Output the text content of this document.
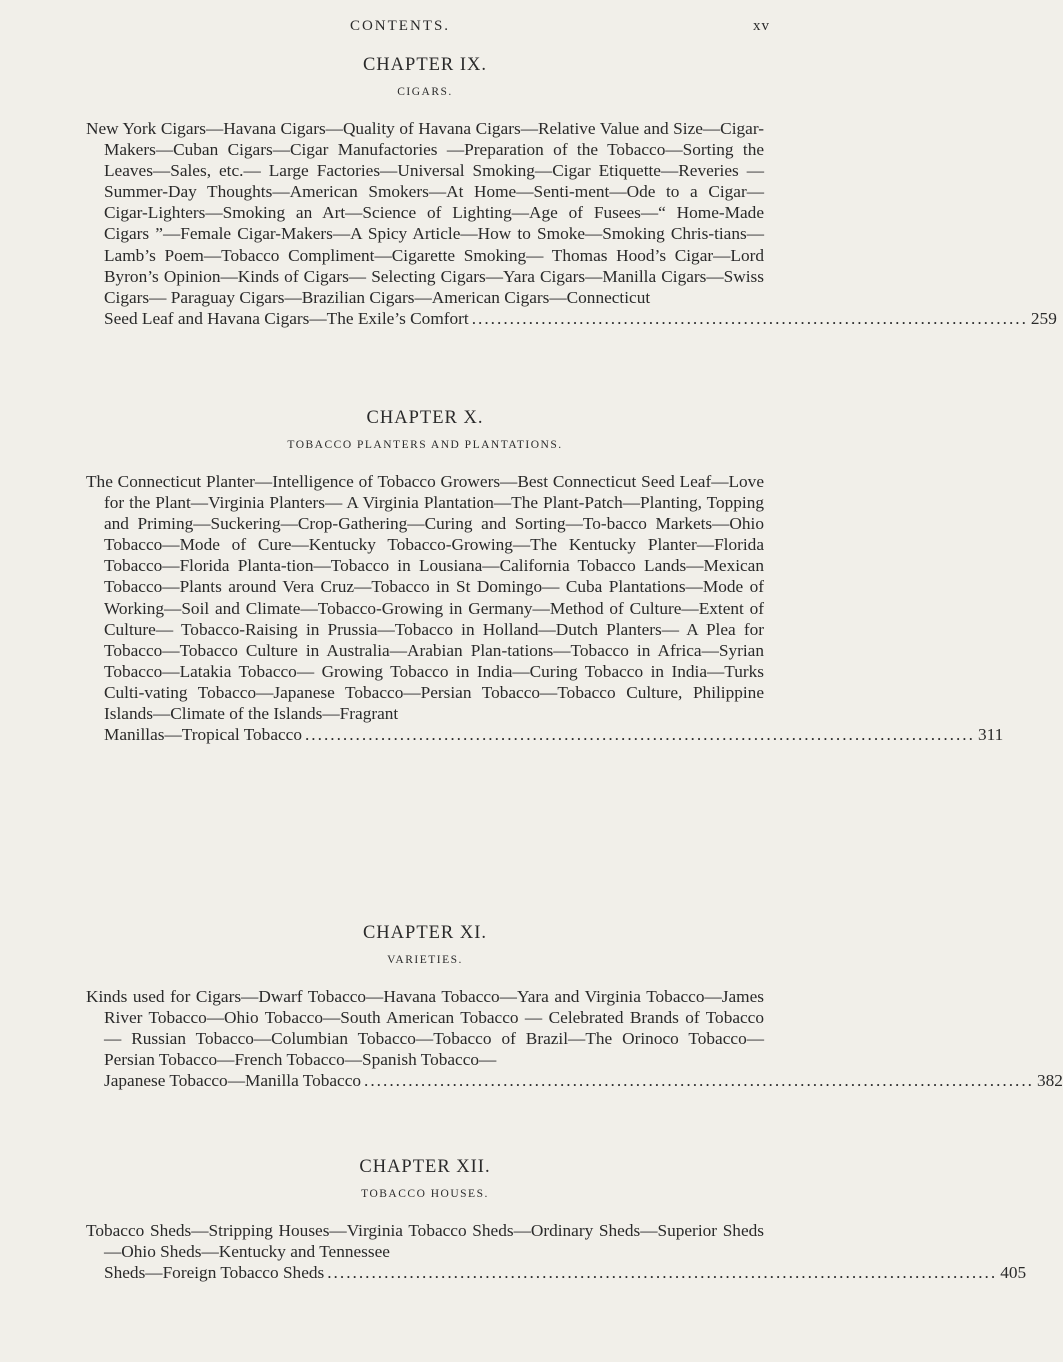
CONTENTS.	xv
CHAPTER IX.
CIGARS.
New York Cigars—Havana Cigars—Quality of Havana Cigars—Relative Value and Size—Cigar-Makers—Cuban Cigars—Cigar Manufactories —Preparation of the Tobacco—Sorting the Leaves—Sales, etc.— Large Factories—Universal Smoking—Cigar Etiquette—Reveries —Summer-Day Thoughts—American Smokers—At Home—Senti-ment—Ode to a Cigar—Cigar-Lighters—Smoking an Art—Science of Lighting—Age of Fusees—“ Home-Made Cigars ”—Female Cigar-Makers—A Spicy Article—How to Smoke—Smoking Chris-tians—Lamb’s Poem—Tobacco Compliment—Cigarette Smoking— Thomas Hood’s Cigar—Lord Byron’s Opinion—Kinds of Cigars— Selecting Cigars—Yara Cigars—Manilla Cigars—Swiss Cigars— Paraguay Cigars—Brazilian Cigars—American Cigars—Connecticut
Seed Leaf and Havana Cigars—The Exile’s Comfort ........................................................................................ 259
CHAPTER X.
TOBACCO PLANTERS AND PLANTATIONS.
The Connecticut Planter—Intelligence of Tobacco Growers—Best Connecticut Seed Leaf—Love for the Plant—Virginia Planters— A Virginia Plantation—The Plant-Patch—Planting, Topping and Priming—Suckering—Crop-Gathering—Curing and Sorting—To-bacco Markets—Ohio Tobacco—Mode of Cure—Kentucky Tobacco-Growing—The Kentucky Planter—Florida Tobacco—Florida Planta-tion—Tobacco in Lousiana—California Tobacco Lands—Mexican Tobacco—Plants around Vera Cruz—Tobacco in St Domingo— Cuba Plantations—Mode of Working—Soil and Climate—Tobacco-Growing in Germany—Method of Culture—Extent of Culture— Tobacco-Raising in Prussia—Tobacco in Holland—Dutch Planters— A Plea for Tobacco—Tobacco Culture in Australia—Arabian Plan-tations—Tobacco in Africa—Syrian Tobacco—Latakia Tobacco— Growing Tobacco in India—Curing Tobacco in India—Turks Culti-vating Tobacco—Japanese Tobacco—Persian Tobacco—Tobacco Culture, Philippine Islands—Climate of the Islands—Fragrant
Manillas—Tropical Tobacco .......................................................................................................... 311
CHAPTER XI.
VARIETIES.
Kinds used for Cigars—Dwarf Tobacco—Havana Tobacco—Yara and Virginia Tobacco—James River Tobacco—Ohio Tobacco—South American Tobacco — Celebrated Brands of Tobacco — Russian Tobacco—Columbian Tobacco—Tobacco of Brazil—The Orinoco Tobacco—Persian Tobacco—French Tobacco—Spanish Tobacco—
Japanese Tobacco—Manilla Tobacco .......................................................................................................... 382
CHAPTER XII.
TOBACCO HOUSES.
Tobacco Sheds—Stripping Houses—Virginia Tobacco Sheds—Ordinary Sheds—Superior Sheds—Ohio Sheds—Kentucky and Tennessee
Sheds—Foreign Tobacco Sheds .......................................................................................................... 405
